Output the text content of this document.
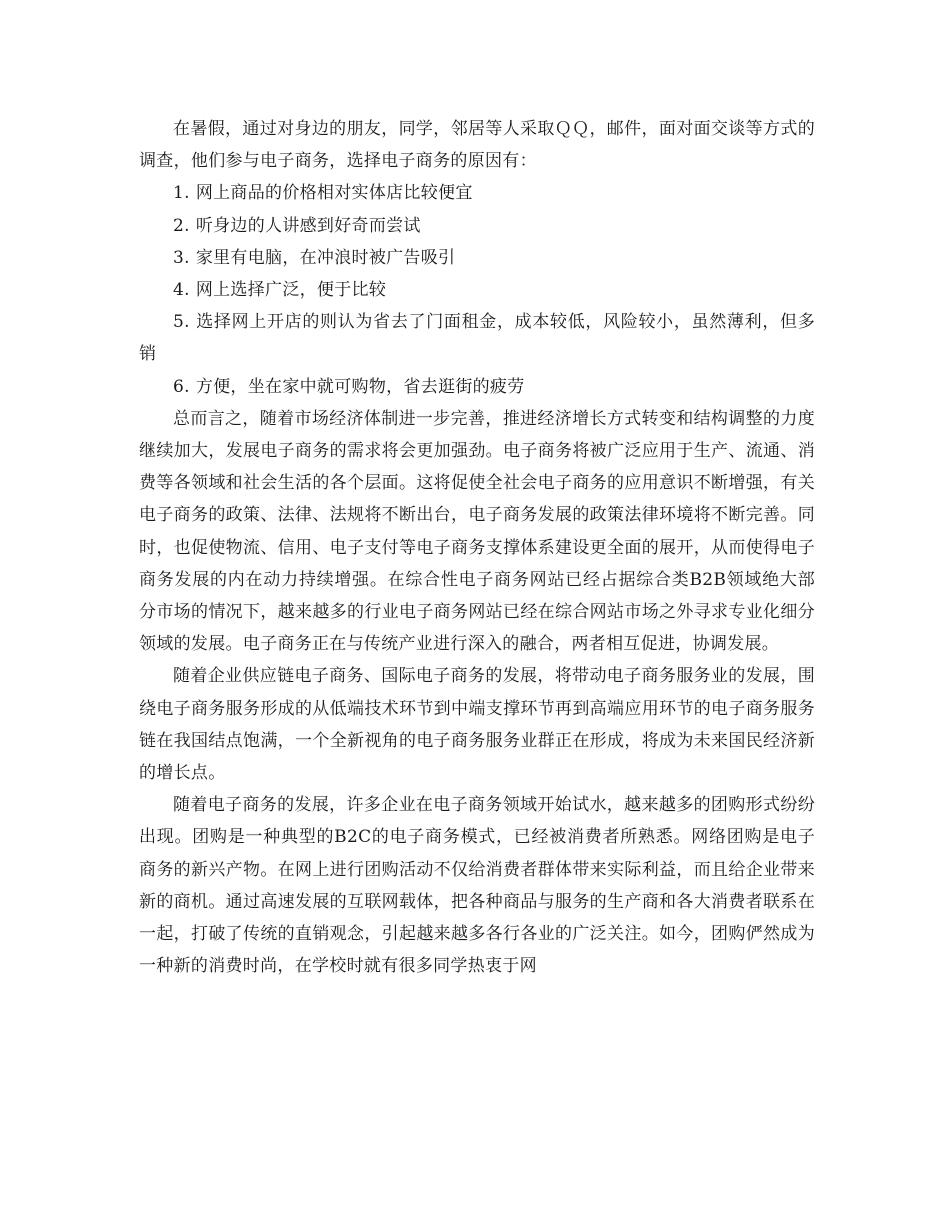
在暑假，通过对身边的朋友，同学，邻居等人采取ＱＱ，邮件，面对面交谈等方式的调查，他们参与电子商务，选择电子商务的原因有：

1. 网上商品的价格相对实体店比较便宜
2. 听身边的人讲感到好奇而尝试
3. 家里有电脑，在冲浪时被广告吸引
4. 网上选择广泛，便于比较
5. 选择网上开店的则认为省去了门面租金，成本较低，风险较小，虽然薄利，但多销
6. 方便，坐在家中就可购物，省去逛街的疲劳

总而言之，随着市场经济体制进一步完善，推进经济增长方式转变和结构调整的力度继续加大，发展电子商务的需求将会更加强劲。电子商务将被广泛应用于生产、流通、消费等各领域和社会生活的各个层面。这将促使全社会电子商务的应用意识不断增强，有关电子商务的政策、法律、法规将不断出台，电子商务发展的政策法律环境将不断完善。同时，也促使物流、信用、电子支付等电子商务支撑体系建设更全面的展开，从而使得电子商务发展的内在动力持续增强。在综合性电子商务网站已经占据综合类B2B领域绝大部分市场的情况下，越来越多的行业电子商务网站已经在综合网站市场之外寻求专业化细分领域的发展。电子商务正在与传统产业进行深入的融合，两者相互促进，协调发展。

随着企业供应链电子商务、国际电子商务的发展，将带动电子商务服务业的发展，围绕电子商务服务形成的从低端技术环节到中端支撑环节再到高端应用环节的电子商务服务链在我国结点饱满，一个全新视角的电子商务服务业群正在形成，将成为未来国民经济新的增长点。

随着电子商务的发展，许多企业在电子商务领域开始试水，越来越多的团购形式纷纷出现。团购是一种典型的B2C的电子商务模式，已经被消费者所熟悉。网络团购是电子商务的新兴产物。在网上进行团购活动不仅给消费者群体带来实际利益，而且给企业带来新的商机。通过高速发展的互联网载体，把各种商品与服务的生产商和各大消费者联系在一起，打破了传统的直销观念，引起越来越多各行各业的广泛关注。如今，团购俨然成为一种新的消费时尚，在学校时就有很多同学热衷于网
